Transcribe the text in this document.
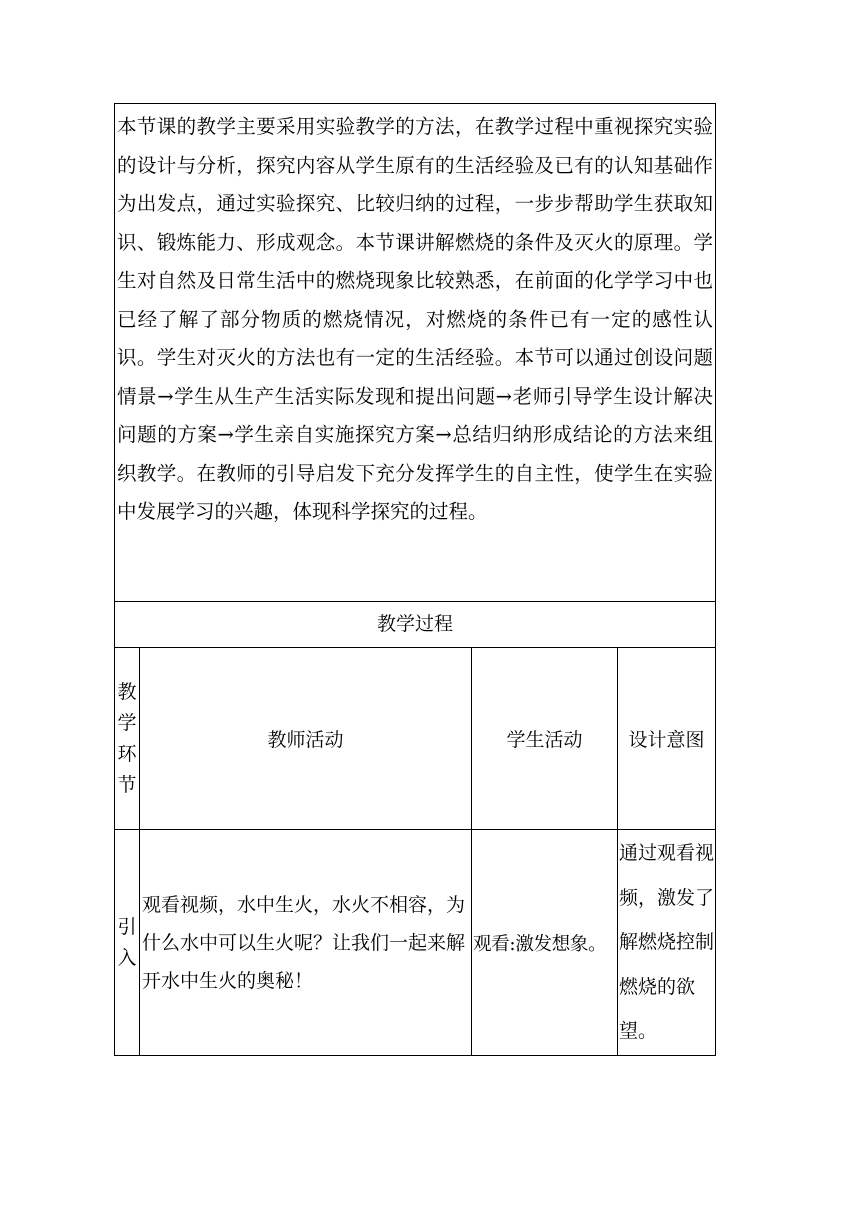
本节课的教学主要采用实验教学的方法，在教学过程中重视探究实验的设计与分析，探究内容从学生原有的生活经验及已有的认知基础作为出发点，通过实验探究、比较归纳的过程，一步步帮助学生获取知识、锻炼能力、形成观念。本节课讲解燃烧的条件及灭火的原理。学生对自然及日常生活中的燃烧现象比较熟悉，在前面的化学学习中也已经了解了部分物质的燃烧情况，对燃烧的条件已有一定的感性认识。学生对灭火的方法也有一定的生活经验。本节可以通过创设问题情景→学生从生产生活实际发现和提出问题→老师引导学生设计解决问题的方案→学生亲自实施探究方案→总结归纳形成结论的方法来组织教学。在教师的引导启发下充分发挥学生的自主性，使学生在实验中发展学习的兴趣，体现科学探究的过程。
教学过程
教
学
环
节
教师活动	学生活动	设计意图
引
入
观看视频，水中生火，水火不相容，为什么水中可以生火呢？让我们一起来解开水中生火的奥秘！
观看:激发想象。
通过观看视频，激发了解燃烧控制燃烧的欲望。
